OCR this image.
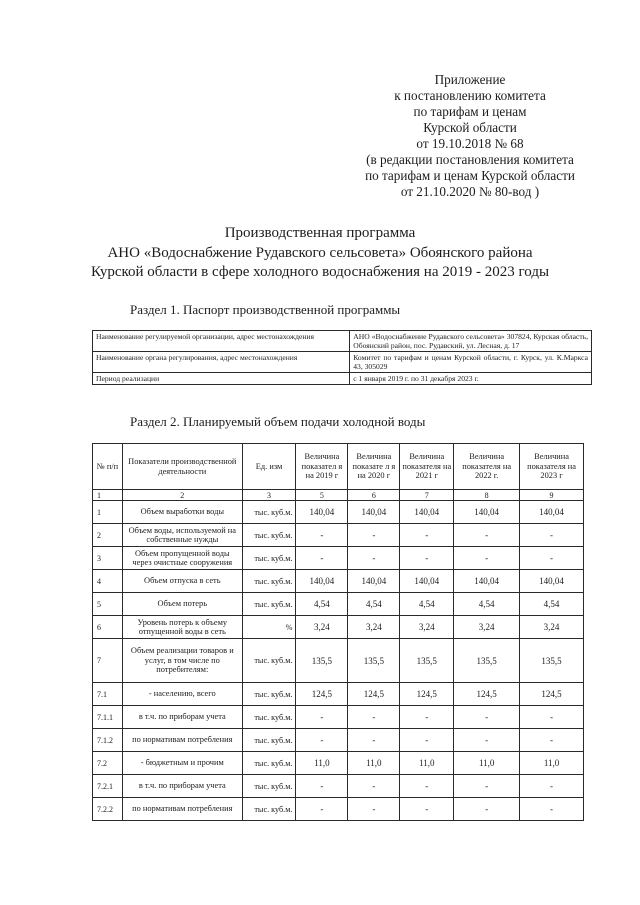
Приложение
к постановлению комитета
по тарифам и ценам
Курской области
от 19.10.2018 № 68
(в редакции постановления комитета
по тарифам и ценам Курской области
от 21.10.2020 № 80-вод )
Производственная программа
АНО «Водоснабжение Рудавского сельсовета» Обоянского района
Курской области в сфере холодного водоснабжения на 2019 - 2023 годы
Раздел 1. Паспорт производственной программы
Наименование регулируемой организации, адрес местонахождения	АНО «Водоснабжение Рудавского сельсовета» 307824, Курская область, Обоянский район, пос. Рудавский, ул. Лесная, д. 17
Наименование органа регулирования, адрес местонахождения	Комитет по тарифам и ценам Курской области, г. Курск, ул. К.Маркса 43, 305029
Период реализации	с 1 января 2019 г. по 31 декабря 2023 г.
Раздел 2. Планируемый объем подачи холодной воды
№ п/п	Показатели производственной деятельности	Ед. изм	Величина показател я на 2019 г	Величина показате л я на 2020 г	Величина показателя на 2021 г	Величина показателя на 2022 г.	Величина показателя на 2023 г
1	2	3	5	6	7	8	9
1	Объем выработки воды	тыс. куб.м.	140,04	140,04	140,04	140,04	140,04
2	Объем воды, используемой на собственные нужды	тыс. куб.м.	-	-	-	-	-
3	Объем пропущенной воды через очистные сооружения	тыс. куб.м.	-	-	-	-	-
4	Объем отпуска в сеть	тыс. куб.м.	140,04	140,04	140,04	140,04	140,04
5	Объем потерь	тыс. куб.м.	4,54	4,54	4,54	4,54	4,54
6	Уровень потерь к объему отпущенной воды в сеть	%	3,24	3,24	3,24	3,24	3,24
7	Объем реализации товаров и услуг, в том числе по потребителям:	тыс. куб.м.	135,5	135,5	135,5	135,5	135,5
7.1	- населению, всего	тыс. куб.м.	124,5	124,5	124,5	124,5	124,5
7.1.1	в т.ч. по приборам учета	тыс. куб.м.	-	-	-	-	-
7.1.2	по нормативам потребления	тыс. куб.м.	-	-	-	-	-
7.2	- бюджетным и прочим	тыс. куб.м.	11,0	11,0	11,0	11,0	11,0
7.2.1	в т.ч. по приборам учета	тыс. куб.м.	-	-	-	-	-
7.2.2	по нормативам потребления	тыс. куб.м.	-	-	-	-	-
